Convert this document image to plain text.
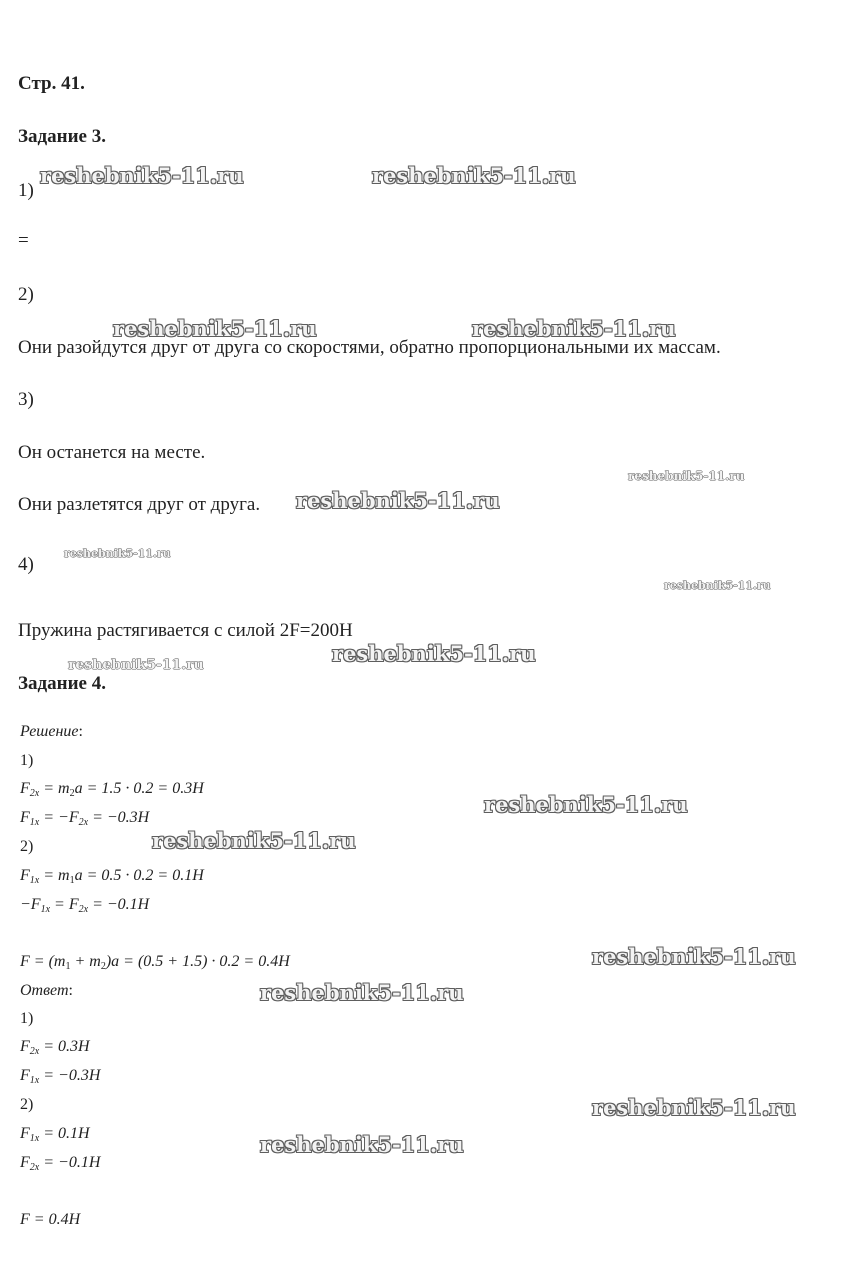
Стр. 41.
Задание 3.
1)
=
2)
Они разойдутся друг от друга со скоростями, обратно пропорциональными их массам.
3)
Он останется на месте.
Они разлетятся друг от друга.
4)
Пружина растягивается с силой 2F=200Н
Задание 4.
Решение:
1)
$F_{2x} = m_2a = 1.5 \cdot 0.2 = 0.3H$
$F_{1x} = -F_{2x} = -0.3H$
2)
$F_{1x} = m_1a = 0.5 \cdot 0.2 = 0.1H$
$-F_{1x} = F_{2x} = -0.1H$
$F = (m_1 + m_2)a = (0.5 + 1.5) \cdot 0.2 = 0.4H$
Ответ:
1)
$F_{2x} = 0.3H$
$F_{1x} = -0.3H$
2)
$F_{1x} = 0.1H$
$F_{2x} = -0.1H$
F = 0.4H
reshebnik5-11.ru	reshebnik5-11.ru
reshebnik5-11.ru	reshebnik5-11.ru
reshebnik5-11.ru
reshebnik5-11.ru
reshebnik5-11.ru
reshebnik5-11.ru
reshebnik5-11.ru
reshebnik5-11.ru
reshebnik5-11.ru
reshebnik5-11.ru
reshebnik5-11.ru
reshebnik5-11.ru
reshebnik5-11.ru
reshebnik5-11.ru
